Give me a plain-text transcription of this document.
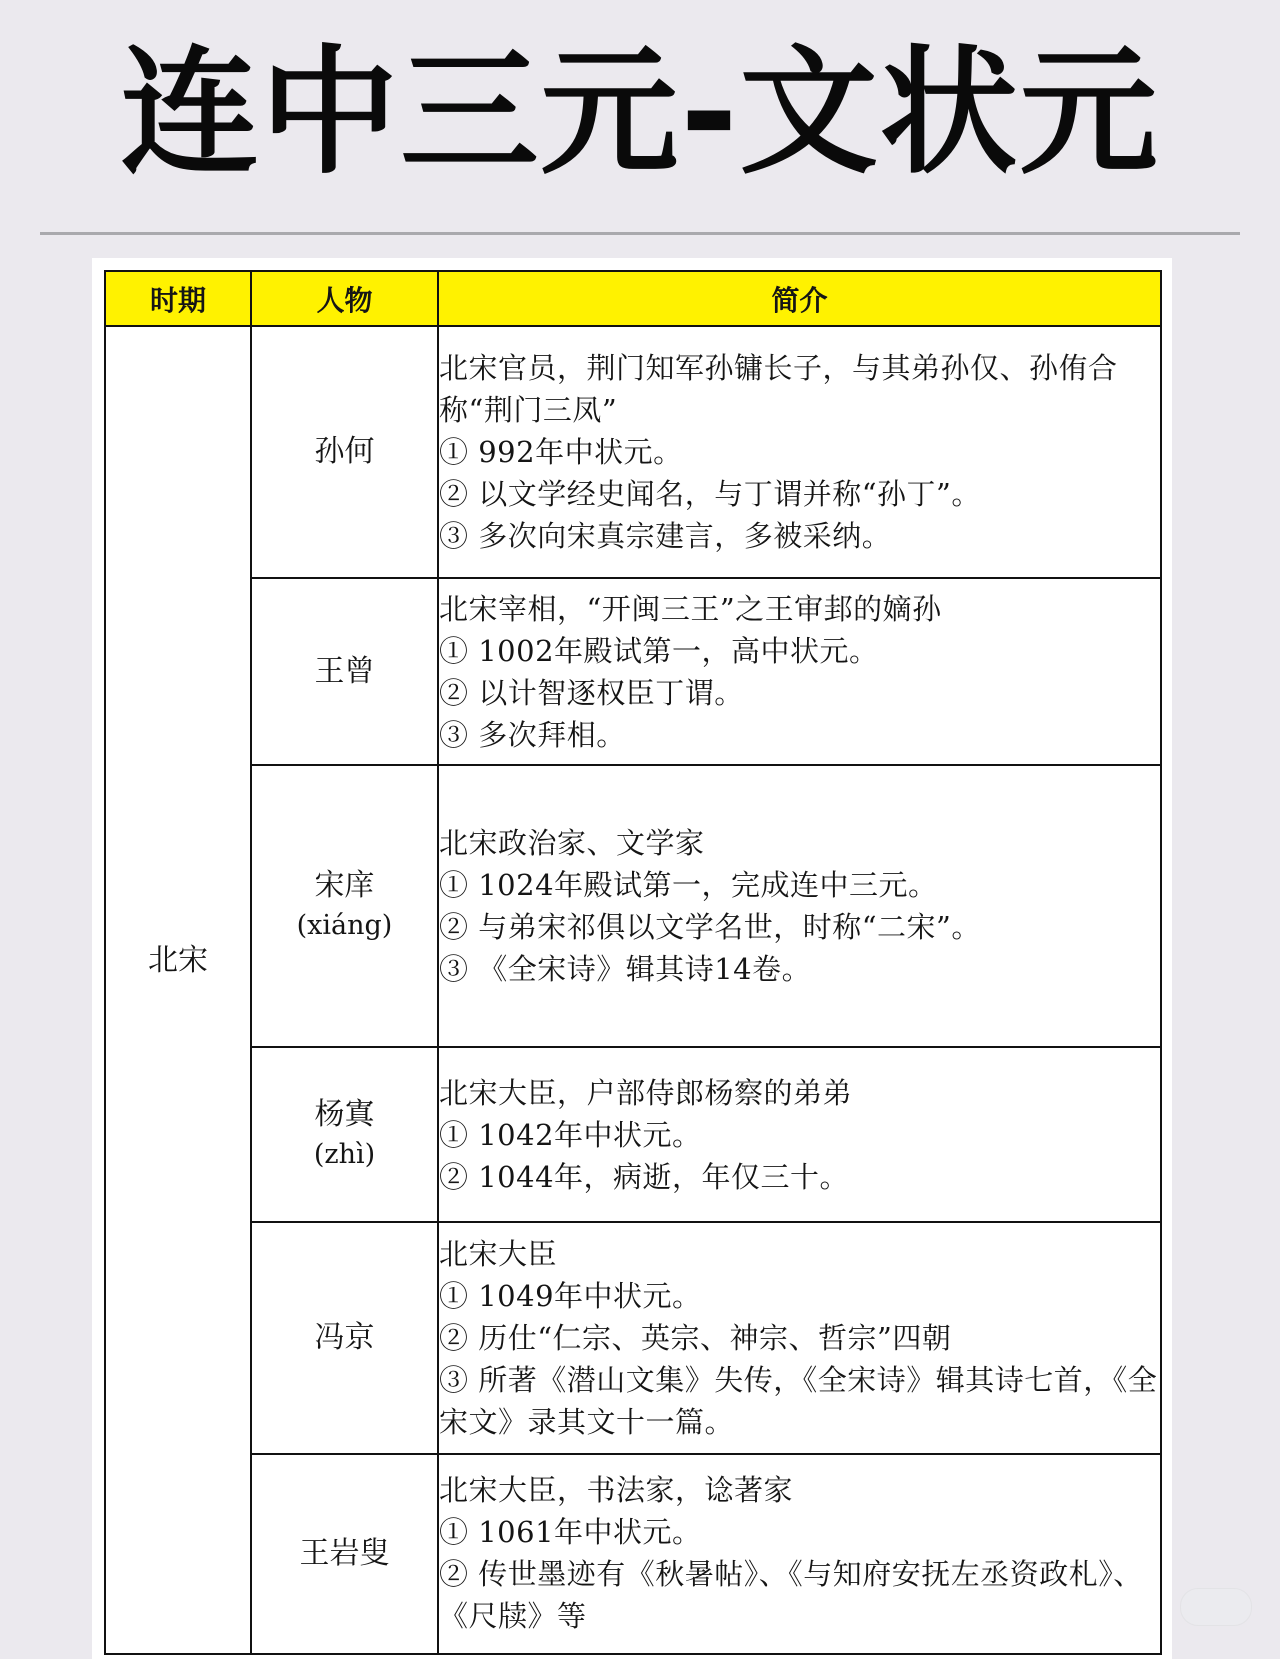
连中三元-文状元
时期	人物	简介
北宋	孙何	北宋官员，荆门知军孙镛长子，与其弟孙仅、孙侑合称“荆门三凤”
① 992年中状元。
② 以文学经史闻名，与丁谓并称“孙丁”。
③ 多次向宋真宗建言，多被采纳。

	王曾	北宋宰相，“开闽三王”之王审邽的嫡孙
① 1002年殿试第一，高中状元。
② 以计智逐权臣丁谓。
③ 多次拜相。

	宋庠
(xiáng)	北宋政治家、文学家
① 1024年殿试第一，完成连中三元。
② 与弟宋祁俱以文学名世，时称“二宋”。
③ 《全宋诗》辑其诗14卷。

	杨寘
(zhì)	北宋大臣，户部侍郎杨察的弟弟
① 1042年中状元。
② 1044年，病逝，年仅三十。

	冯京	北宋大臣
① 1049年中状元。
② 历仕“仁宗、英宗、神宗、哲宗”四朝
③ 所著《潜山文集》失传，《全宋诗》辑其诗七首，《全宋文》录其文十一篇。

	王岩叟	北宋大臣，书法家，谂著家
① 1061年中状元。
② 传世墨迹有《秋暑帖》、《与知府安抚左丞资政札》、《尺牍》等
